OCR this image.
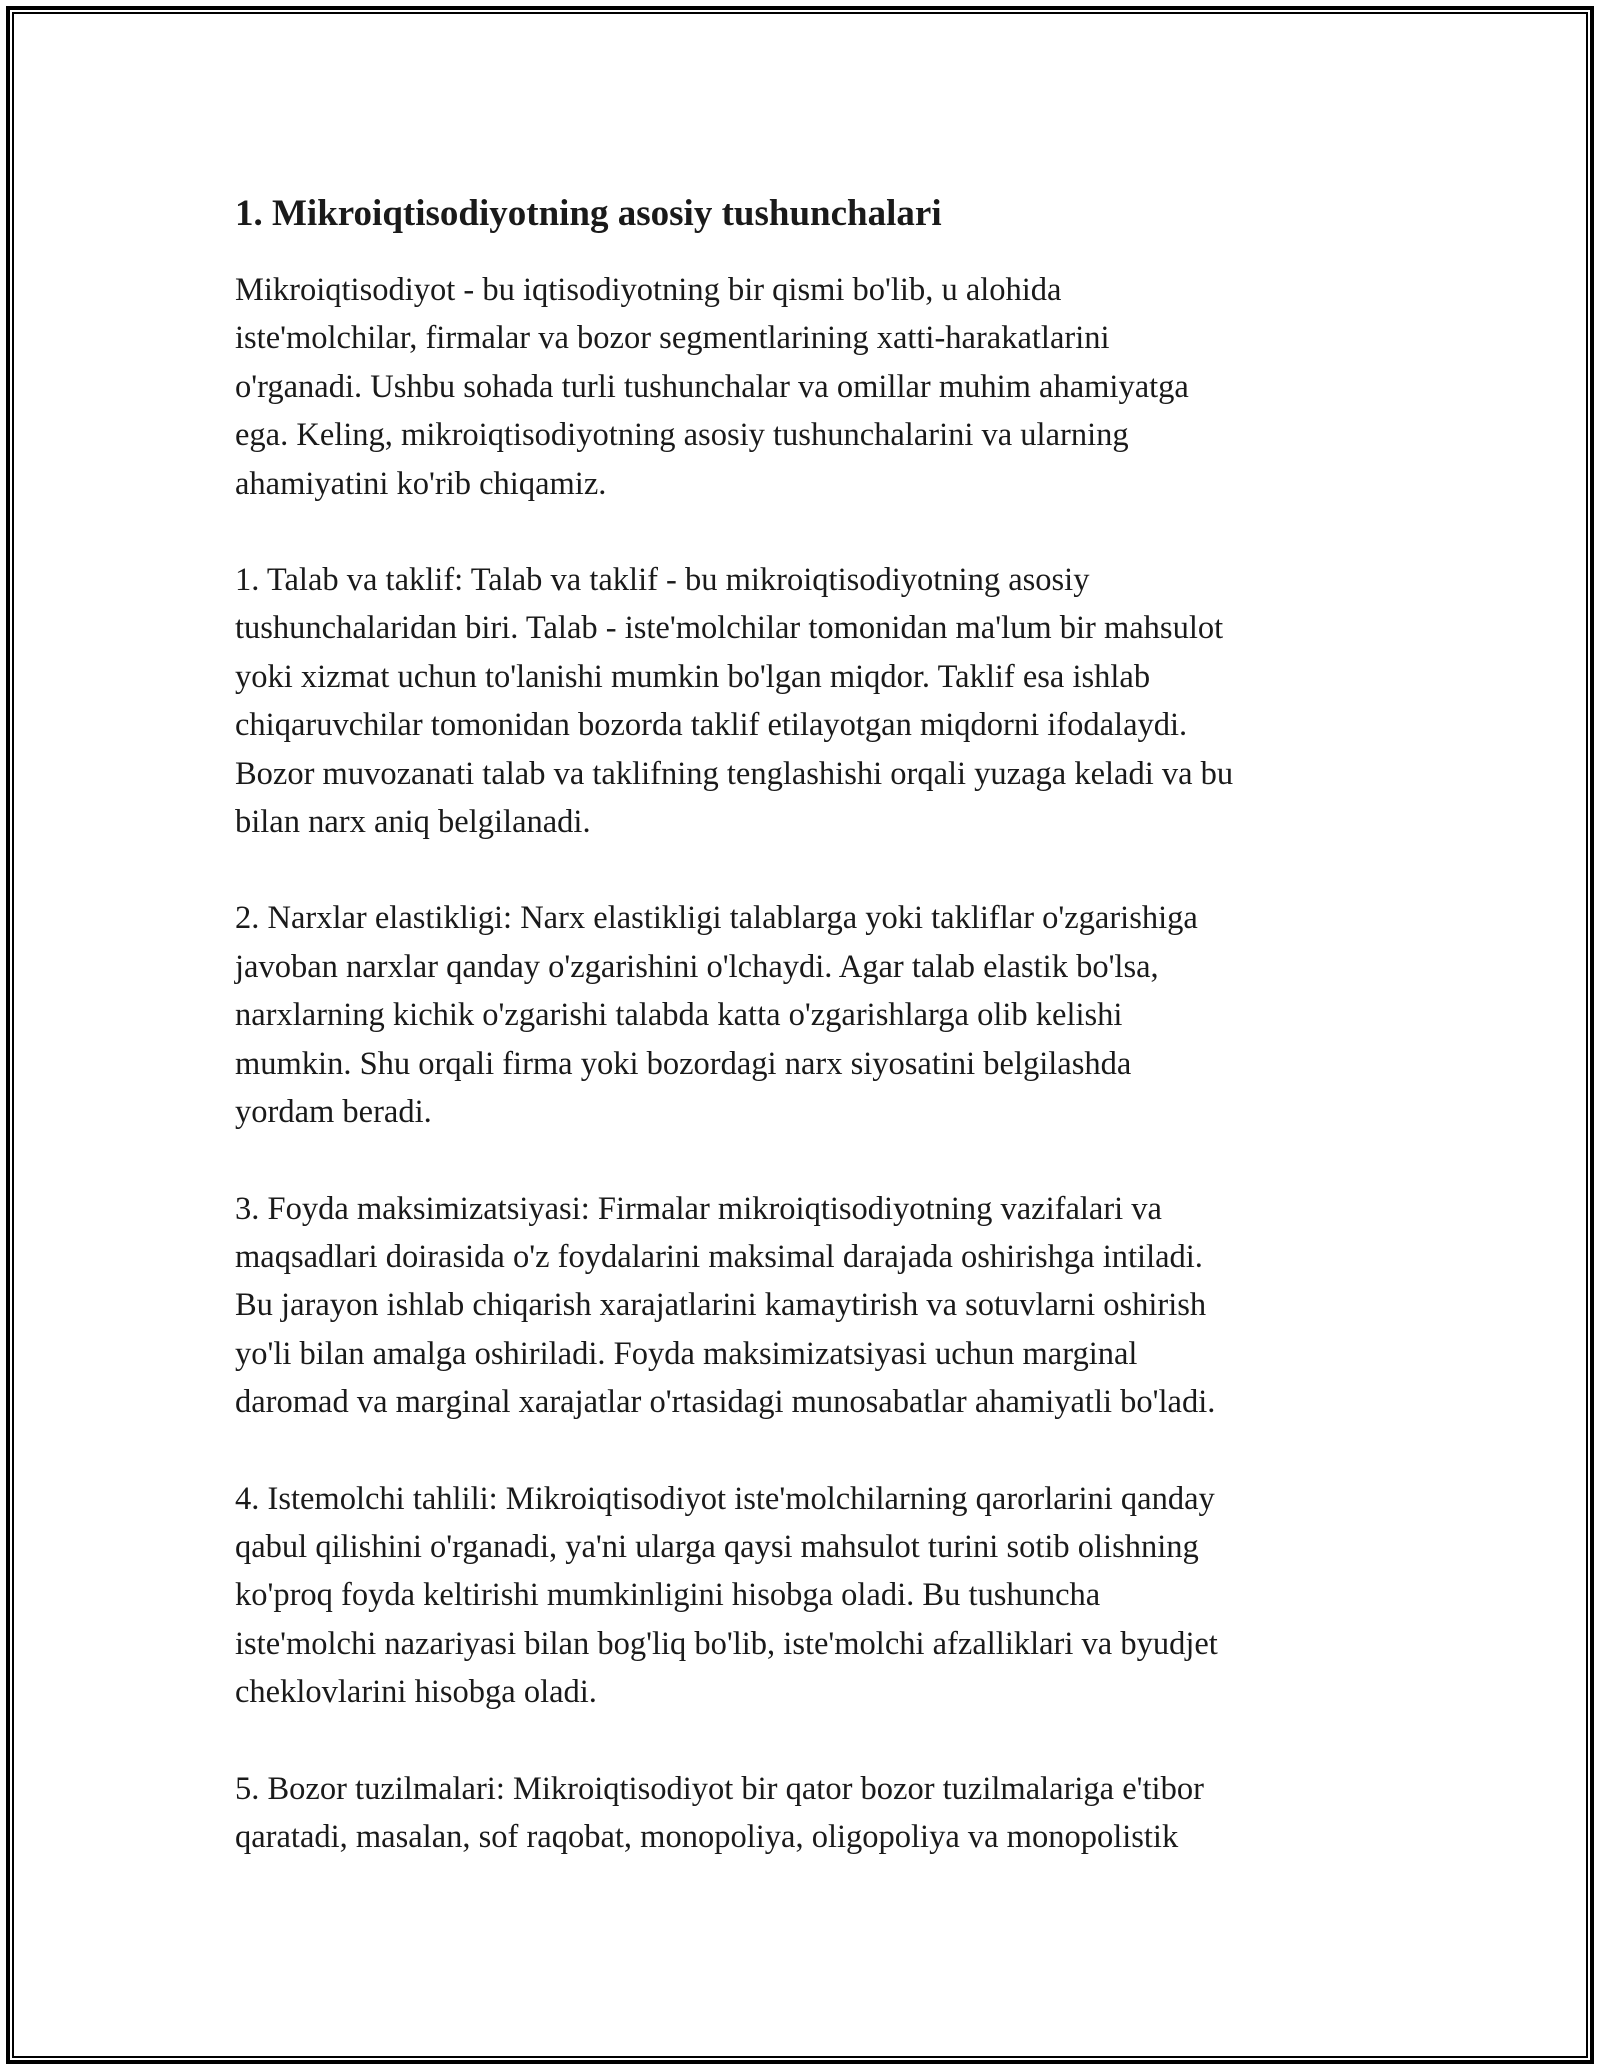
1. Mikroiqtisodiyotning asosiy tushunchalari

Mikroiqtisodiyot - bu iqtisodiyotning bir qismi bo'lib, u alohida
iste'molchilar, firmalar va bozor segmentlarining xatti-harakatlarini
o'rganadi. Ushbu sohada turli tushunchalar va omillar muhim ahamiyatga
ega. Keling, mikroiqtisodiyotning asosiy tushunchalarini va ularning
ahamiyatini ko'rib chiqamiz.

1. Talab va taklif: Talab va taklif - bu mikroiqtisodiyotning asosiy
tushunchalaridan biri. Talab - iste'molchilar tomonidan ma'lum bir mahsulot
yoki xizmat uchun to'lanishi mumkin bo'lgan miqdor. Taklif esa ishlab
chiqaruvchilar tomonidan bozorda taklif etilayotgan miqdorni ifodalaydi.
Bozor muvozanati talab va taklifning tenglashishi orqali yuzaga keladi va bu
bilan narx aniq belgilanadi.

2. Narxlar elastikligi: Narx elastikligi talablarga yoki takliflar o'zgarishiga
javoban narxlar qanday o'zgarishini o'lchaydi. Agar talab elastik bo'lsa,
narxlarning kichik o'zgarishi talabda katta o'zgarishlarga olib kelishi
mumkin. Shu orqali firma yoki bozordagi narx siyosatini belgilashda
yordam beradi.

3. Foyda maksimizatsiyasi: Firmalar mikroiqtisodiyotning vazifalari va
maqsadlari doirasida o'z foydalarini maksimal darajada oshirishga intiladi.
Bu jarayon ishlab chiqarish xarajatlarini kamaytirish va sotuvlarni oshirish
yo'li bilan amalga oshiriladi. Foyda maksimizatsiyasi uchun marginal
daromad va marginal xarajatlar o'rtasidagi munosabatlar ahamiyatli bo'ladi.

4. Istemolchi tahlili: Mikroiqtisodiyot iste'molchilarning qarorlarini qanday
qabul qilishini o'rganadi, ya'ni ularga qaysi mahsulot turini sotib olishning
ko'proq foyda keltirishi mumkinligini hisobga oladi. Bu tushuncha
iste'molchi nazariyasi bilan bog'liq bo'lib, iste'molchi afzalliklari va byudjet
cheklovlarini hisobga oladi.

5. Bozor tuzilmalari: Mikroiqtisodiyot bir qator bozor tuzilmalariga e'tibor
qaratadi, masalan, sof raqobat, monopoliya, oligopoliya va monopolistik
